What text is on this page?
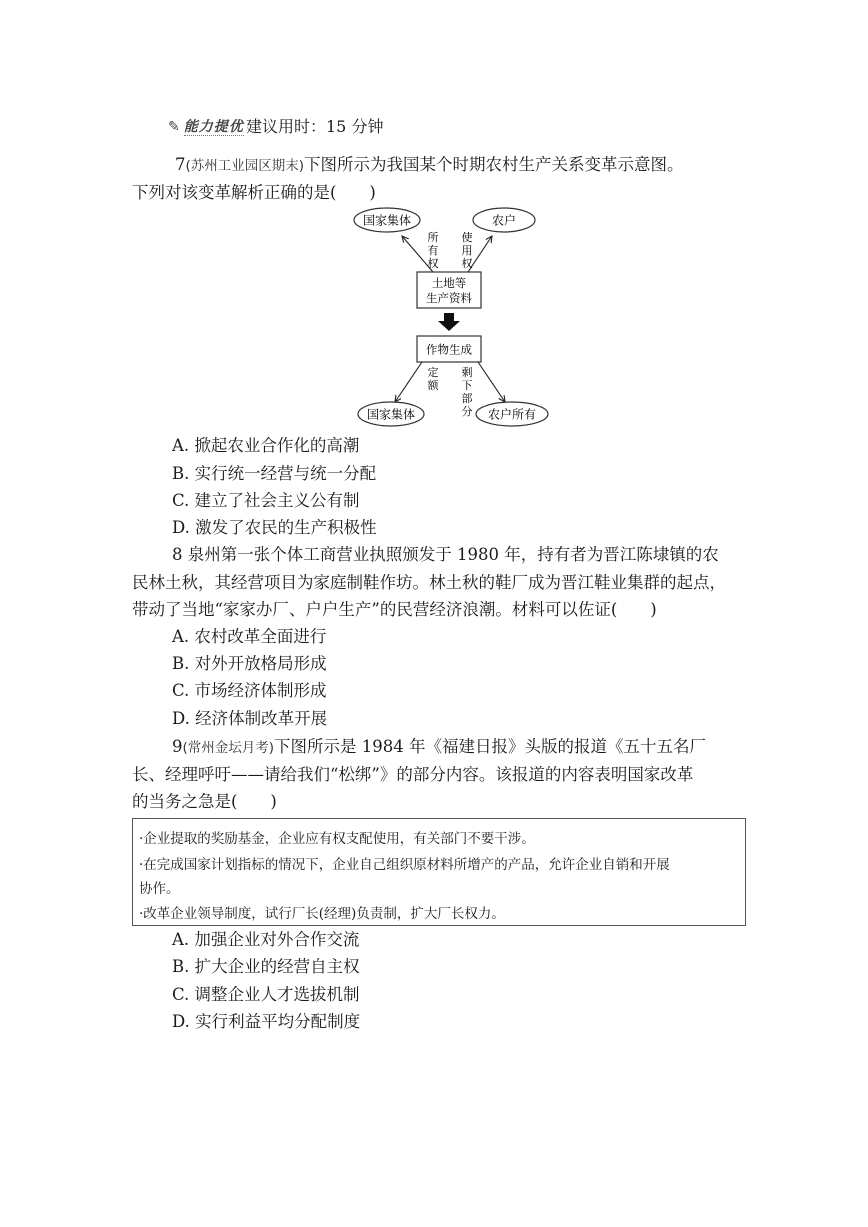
✎ 能力提优 建议用时：15 分钟
7(苏州工业园区期末)下图所示为我国某个时期农村生产关系变革示意图。
下列对该变革解析正确的是(　　)
国家集体	农户
所
有
权
使
用
权
土地等
生产资料
作物生成
定
额
剩
下
部
分
国家集体	农户所有
A. 掀起农业合作化的高潮
B. 实行统一经营与统一分配
C. 建立了社会主义公有制
D. 激发了农民的生产积极性
8 泉州第一张个体工商营业执照颁发于 1980 年，持有者为晋江陈埭镇的农
民林土秋，其经营项目为家庭制鞋作坊。林土秋的鞋厂成为晋江鞋业集群的起点，
带动了当地“家家办厂、户户生产”的民营经济浪潮。材料可以佐证(　　)
A. 农村改革全面进行
B. 对外开放格局形成
C. 市场经济体制形成
D. 经济体制改革开展
9(常州金坛月考)下图所示是 1984 年《福建日报》头版的报道《五十五名厂
长、经理呼吁——请给我们“松绑”》的部分内容。该报道的内容表明国家改革
的当务之急是(　　)
·企业提取的奖励基金，企业应有权支配使用，有关部门不要干涉。
·在完成国家计划指标的情况下，企业自己组织原材料所增产的产品，允许企业自销和开展
协作。
·改革企业领导制度，试行厂长(经理)负责制，扩大厂长权力。
A. 加强企业对外合作交流
B. 扩大企业的经营自主权
C. 调整企业人才选拔机制
D. 实行利益平均分配制度
